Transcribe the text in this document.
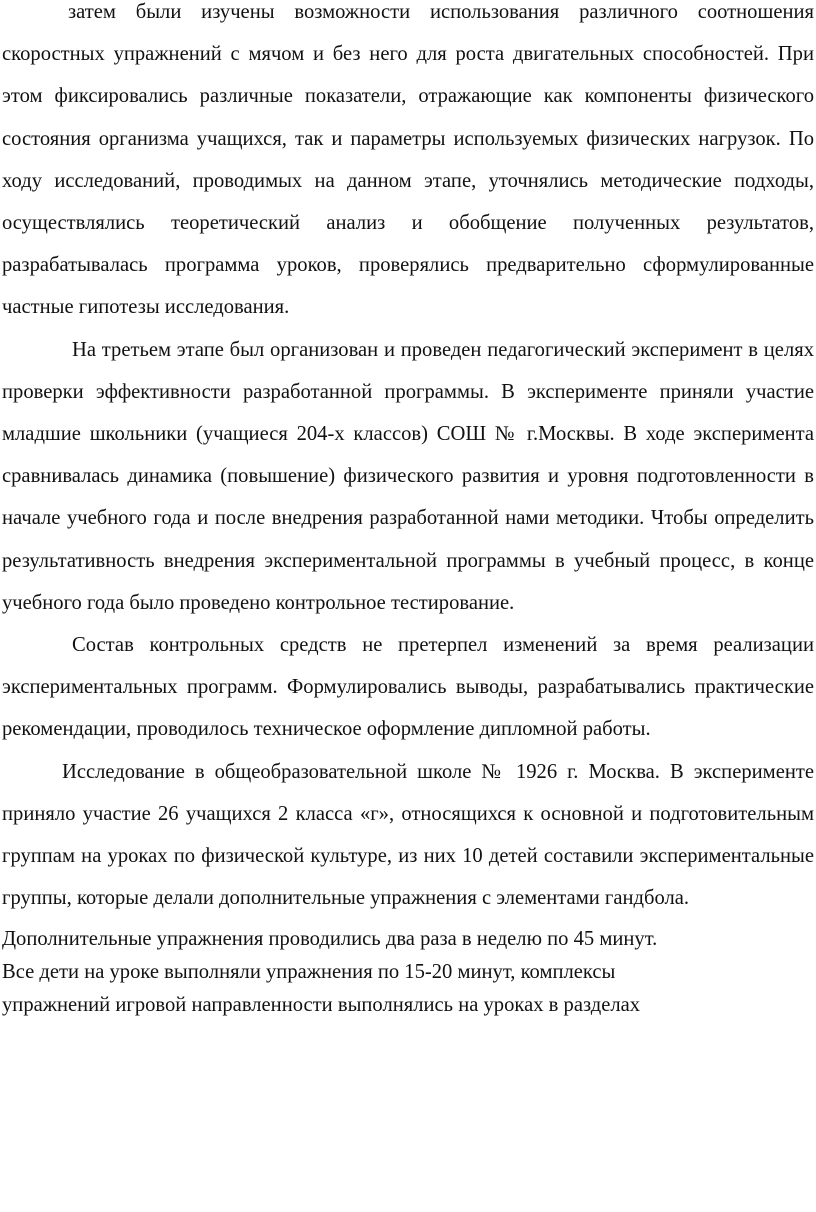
затем были изучены возможности использования различного соотношения скоростных упражнений с мячом и без него для роста двигательных способностей. При этом фиксировались различные показатели, отражающие как компоненты физического состояния организма учащихся, так и параметры используемых физических нагрузок. По ходу исследований, проводимых на данном этапе, уточнялись методические подходы, осуществлялись теоретический анализ и обобщение полученных результатов, разрабатывалась программа уроков, проверялись предварительно сформулированные частные гипотезы исследования.

На третьем этапе был организован и проведен педагогический эксперимент в целях проверки эффективности разработанной программы. В эксперименте приняли участие младшие школьники (учащиеся 204-х классов) СОШ № г.Москвы. В ходе эксперимента сравнивалась динамика (повышение) физического развития и уровня подготовленности в начале учебного года и после внедрения разработанной нами методики. Чтобы определить результативность внедрения экспериментальной программы в учебный процесс, в конце учебного года было проведено контрольное тестирование.

Состав контрольных средств не претерпел изменений за время реализации экспериментальных программ. Формулировались выводы, разрабатывались практические рекомендации, проводилось техническое оформление дипломной работы.

Исследование в общеобразовательной школе № 1926 г. Москва. В эксперименте приняло участие 26 учащихся 2 класса «г», относящихся к основной и подготовительным группам на уроках по физической культуре, из них 10 детей составили экспериментальные группы, которые делали дополнительные упражнения с элементами гандбола.

Дополнительные упражнения проводились два раза в неделю по 45 минут.

Все дети на уроке выполняли упражнения по 15-20 минут, комплексы

упражнений игровой направленности выполнялись на уроках в разделах
